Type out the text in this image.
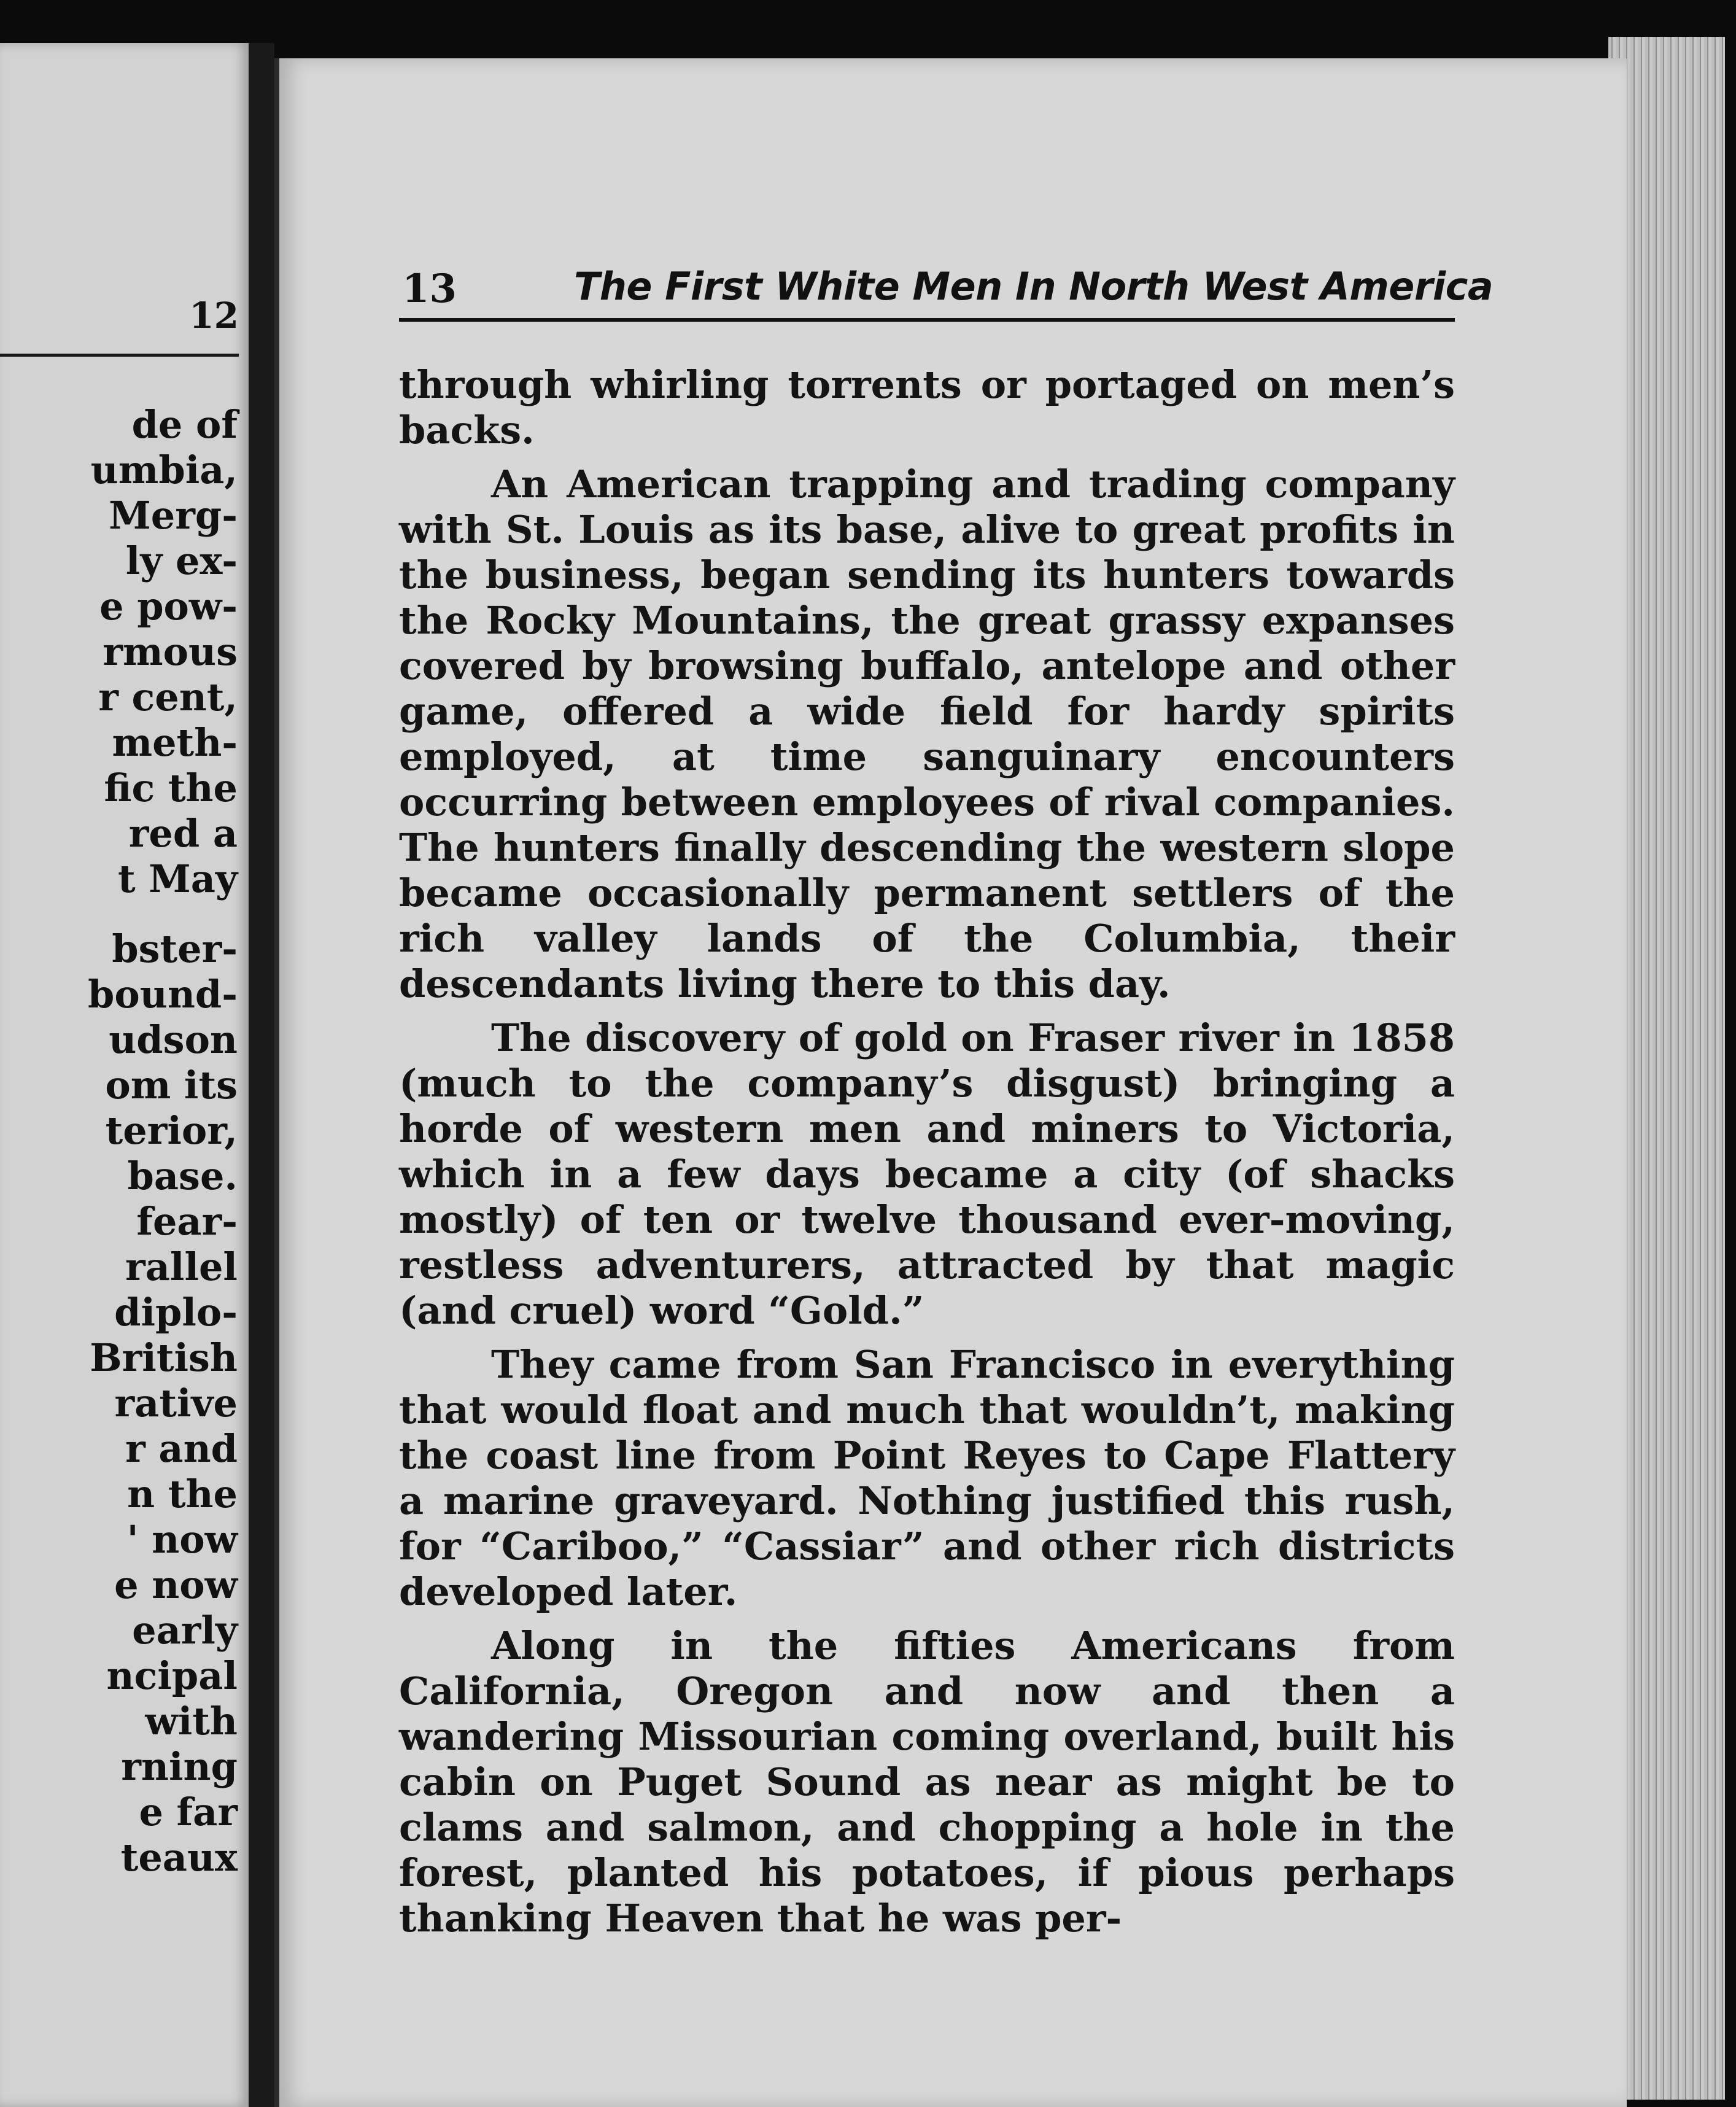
12
de of
umbia,
Merg-
ly ex-
e pow-
rmous
r cent,
meth-
fic the
red a
t May
bster-
bound-
udson
om its
terior,
base.
fear-
rallel
diplo-
British
rative
r and
n the
' now
e now
early
ncipal
with
rning
e far
teaux
13	The First White Men In North West America

through whirling torrents or portaged on men’s backs.

An American trapping and trading company with St. Louis as its base, alive to great profits in the business, began sending its hunters towards the Rocky Mountains, the great grassy expanses covered by browsing buffalo, antelope and other game, offered a wide field for hardy spirits employed, at time sanguinary encounters occurring between employees of rival companies. The hunters finally descending the western slope became occasionally permanent settlers of the rich valley lands of the Columbia, their descendants living there to this day.

The discovery of gold on Fraser river in 1858 (much to the company’s disgust) bringing a horde of western men and miners to Victoria, which in a few days became a city (of shacks mostly) of ten or twelve thousand ever-moving, restless adventurers, attracted by that magic (and cruel) word “Gold.”

They came from San Francisco in everything that would float and much that wouldn’t, making the coast line from Point Reyes to Cape Flattery a marine graveyard. Nothing justified this rush, for “Cariboo,” “Cassiar” and other rich districts developed later.

Along in the fifties Americans from California, Oregon and now and then a wandering Missourian coming overland, built his cabin on Puget Sound as near as might be to clams and salmon, and chopping a hole in the forest, planted his potatoes, if pious perhaps thanking Heaven that he was per-
